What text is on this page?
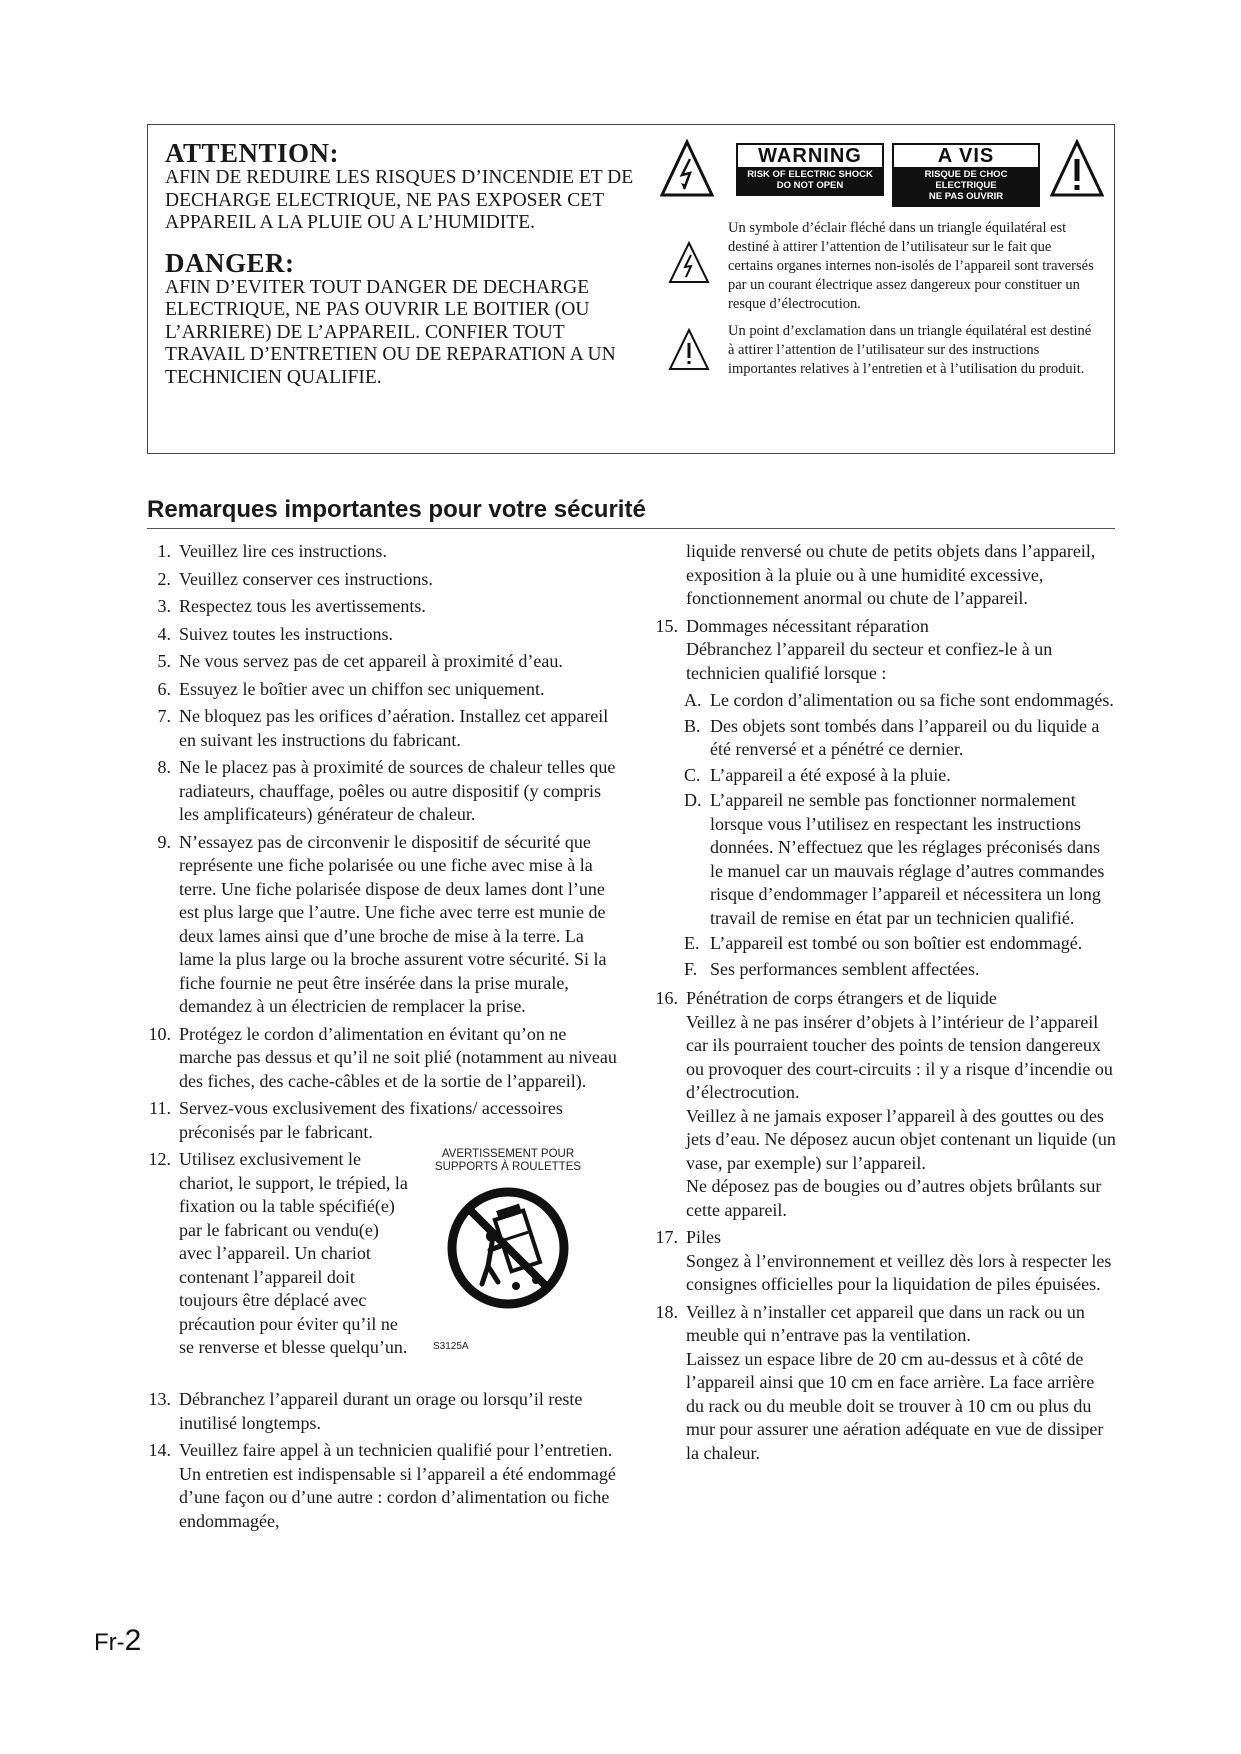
ATTENTION:

AFIN DE REDUIRE LES RISQUES D’INCENDIE ET DE DECHARGE ELECTRIQUE, NE PAS EXPOSER CET APPAREIL A LA PLUIE OU A L’HUMIDITE.

DANGER:

AFIN D’EVITER TOUT DANGER DE DECHARGE ELECTRIQUE, NE PAS OUVRIR LE BOITIER (OU L’ARRIERE) DE L’APPAREIL. CONFIER TOUT TRAVAIL D’ENTRETIEN OU DE REPARATION A UN TECHNICIEN QUALIFIE.

WARNING
RISK OF ELECTRIC SHOCK
DO NOT OPEN
A VIS
RISQUE DE CHOC ELECTRIQUE
NE PAS OUVRIR

Un symbole d’éclair fléché dans un triangle équilatéral est destiné à attirer l’attention de l’utilisateur sur le fait que certains organes internes non-isolés de l’appareil sont traversés par un courant électrique assez dangereux pour constituer un resque d’électrocution.

Un point d’exclamation dans un triangle équilatéral est destiné à attirer l’attention de l’utilisateur sur des instructions importantes relatives à l’entretien et à l’utilisation du produit.

Remarques importantes pour votre sécurité
1. Veuillez lire ces instructions.
2. Veuillez conserver ces instructions.
3. Respectez tous les avertissements.
4. Suivez toutes les instructions.
5. Ne vous servez pas de cet appareil à proximité d’eau.
6. Essuyez le boîtier avec un chiffon sec uniquement.
7. Ne bloquez pas les orifices d’aération. Installez cet appareil en suivant les instructions du fabricant.
8. Ne le placez pas à proximité de sources de chaleur telles que radiateurs, chauffage, poêles ou autre dispositif (y compris les amplificateurs) générateur de chaleur.
9. N’essayez pas de circonvenir le dispositif de sécurité que représente une fiche polarisée ou une fiche avec mise à la terre. Une fiche polarisée dispose de deux lames dont l’une est plus large que l’autre. Une fiche avec terre est munie de deux lames ainsi que d’une broche de mise à la terre. La lame la plus large ou la broche assurent votre sécurité. Si la fiche fournie ne peut être insérée dans la prise murale, demandez à un électricien de remplacer la prise.
10. Protégez le cordon d’alimentation en évitant qu’on ne marche pas dessus et qu’il ne soit plié (notamment au niveau des fiches, des cache-câbles et de la sortie de l’appareil).
11. Servez-vous exclusivement des fixations/ accessoires préconisés par le fabricant.
12. Utilisez exclusivement le chariot, le support, le trépied, la fixation ou la table spécifié(e) par le fabricant ou vendu(e) avec l’appareil. Un chariot contenant l’appareil doit toujours être déplacé avec précaution pour éviter qu’il ne se renverse et blesse quelqu’un.
AVERTISSEMENT POUR
SUPPORTS À ROULETTES
S3125A
13. Débranchez l’appareil durant un orage ou lorsqu’il reste inutilisé longtemps.
14. Veuillez faire appel à un technicien qualifié pour l’entretien. Un entretien est indispensable si l’appareil a été endommagé d’une façon ou d’une autre : cordon d’alimentation ou fiche endommagée,
liquide renversé ou chute de petits objets dans l’appareil, exposition à la pluie ou à une humidité excessive, fonctionnement anormal ou chute de l’appareil.
15. Dommages nécessitant réparation
Débranchez l’appareil du secteur et confiez-le à un technicien qualifié lorsque :
A. Le cordon d’alimentation ou sa fiche sont endommagés.
B. Des objets sont tombés dans l’appareil ou du liquide a été renversé et a pénétré ce dernier.
C. L’appareil a été exposé à la pluie.
D. L’appareil ne semble pas fonctionner normalement lorsque vous l’utilisez en respectant les instructions données. N’effectuez que les réglages préconisés dans le manuel car un mauvais réglage d’autres commandes risque d’endommager l’appareil et nécessitera un long travail de remise en état par un technicien qualifié.
E. L’appareil est tombé ou son boîtier est endommagé.
F. Ses performances semblent affectées.
16. Pénétration de corps étrangers et de liquide
Veillez à ne pas insérer d’objets à l’intérieur de l’appareil car ils pourraient toucher des points de tension dangereux ou provoquer des court-circuits : il y a risque d’incendie ou d’électrocution.
Veillez à ne jamais exposer l’appareil à des gouttes ou des jets d’eau. Ne déposez aucun objet contenant un liquide (un vase, par exemple) sur l’appareil.
Ne déposez pas de bougies ou d’autres objets brûlants sur cette appareil.
17. Piles
Songez à l’environnement et veillez dès lors à respecter les consignes officielles pour la liquidation de piles épuisées.
18. Veillez à n’installer cet appareil que dans un rack ou un meuble qui n’entrave pas la ventilation.
Laissez un espace libre de 20 cm au-dessus et à côté de l’appareil ainsi que 10 cm en face arrière. La face arrière du rack ou du meuble doit se trouver à 10 cm ou plus du mur pour assurer une aération adéquate en vue de dissiper la chaleur.
Fr-2
